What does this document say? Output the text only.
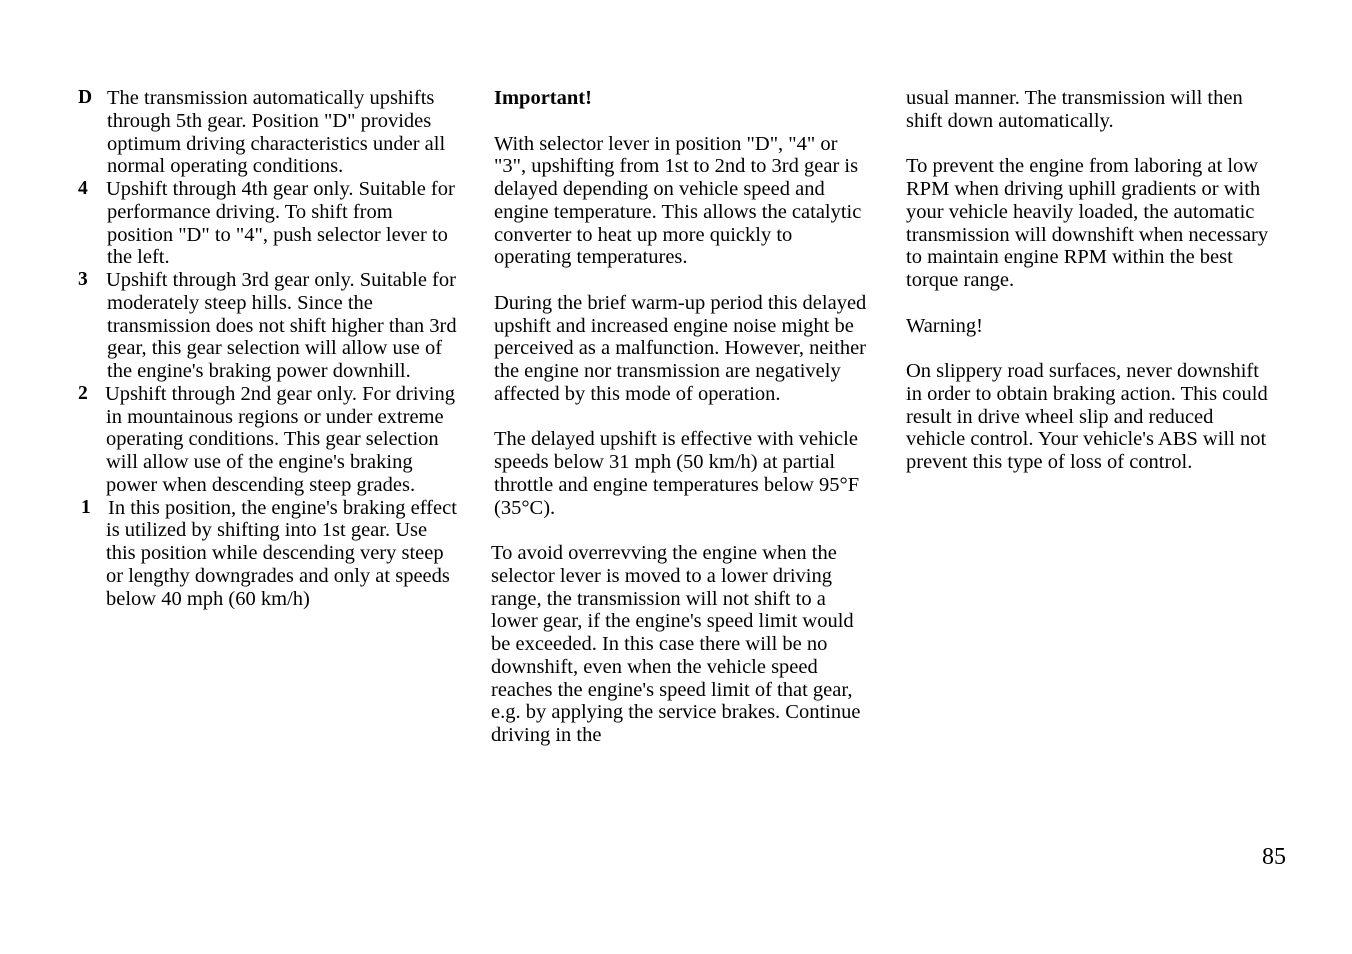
D The transmission automatically upshifts through 5th gear. Position "D" provides optimum driving characteristics under all normal operating conditions.
4 Upshift through 4th gear only. Suitable for performance driving. To shift from position "D" to "4", push selector lever to the left.
3 Upshift through 3rd gear only. Suitable for moderately steep hills. Since the transmission does not shift higher than 3rd gear, this gear selection will allow use of the engine's braking power downhill.
2 Upshift through 2nd gear only. For driving in mountainous regions or under extreme operating conditions. This gear selection will allow use of the engine's braking power when descending steep grades.
1 In this position, the engine's braking effect is utilized by shifting into 1st gear. Use this position while descending very steep or lengthy downgrades and only at speeds below 40 mph (60 km/h)

Important!

With selector lever in position "D", "4" or "3", upshifting from 1st to 2nd to 3rd gear is delayed depending on vehicle speed and engine temperature. This allows the catalytic converter to heat up more quickly to operating temperatures.

During the brief warm-up period this delayed upshift and increased engine noise might be perceived as a malfunction. However, neither the engine nor transmission are negatively affected by this mode of operation.

The delayed upshift is effective with vehicle speeds below 31 mph (50 km/h) at partial throttle and engine temperatures below 95°F (35°C).

To avoid overrevving the engine when the selector lever is moved to a lower driving range, the transmission will not shift to a lower gear, if the engine's speed limit would be exceeded. In this case there will be no downshift, even when the vehicle speed reaches the engine's speed limit of that gear, e.g. by applying the service brakes. Continue driving in the

usual manner. The transmission will then shift down automatically.

To prevent the engine from laboring at low RPM when driving uphill gradients or with your vehicle heavily loaded, the automatic transmission will downshift when necessary to maintain engine RPM within the best torque range.

Warning!

On slippery road surfaces, never downshift in order to obtain braking action. This could result in drive wheel slip and reduced vehicle control. Your vehicle's ABS will not prevent this type of loss of control.

85
